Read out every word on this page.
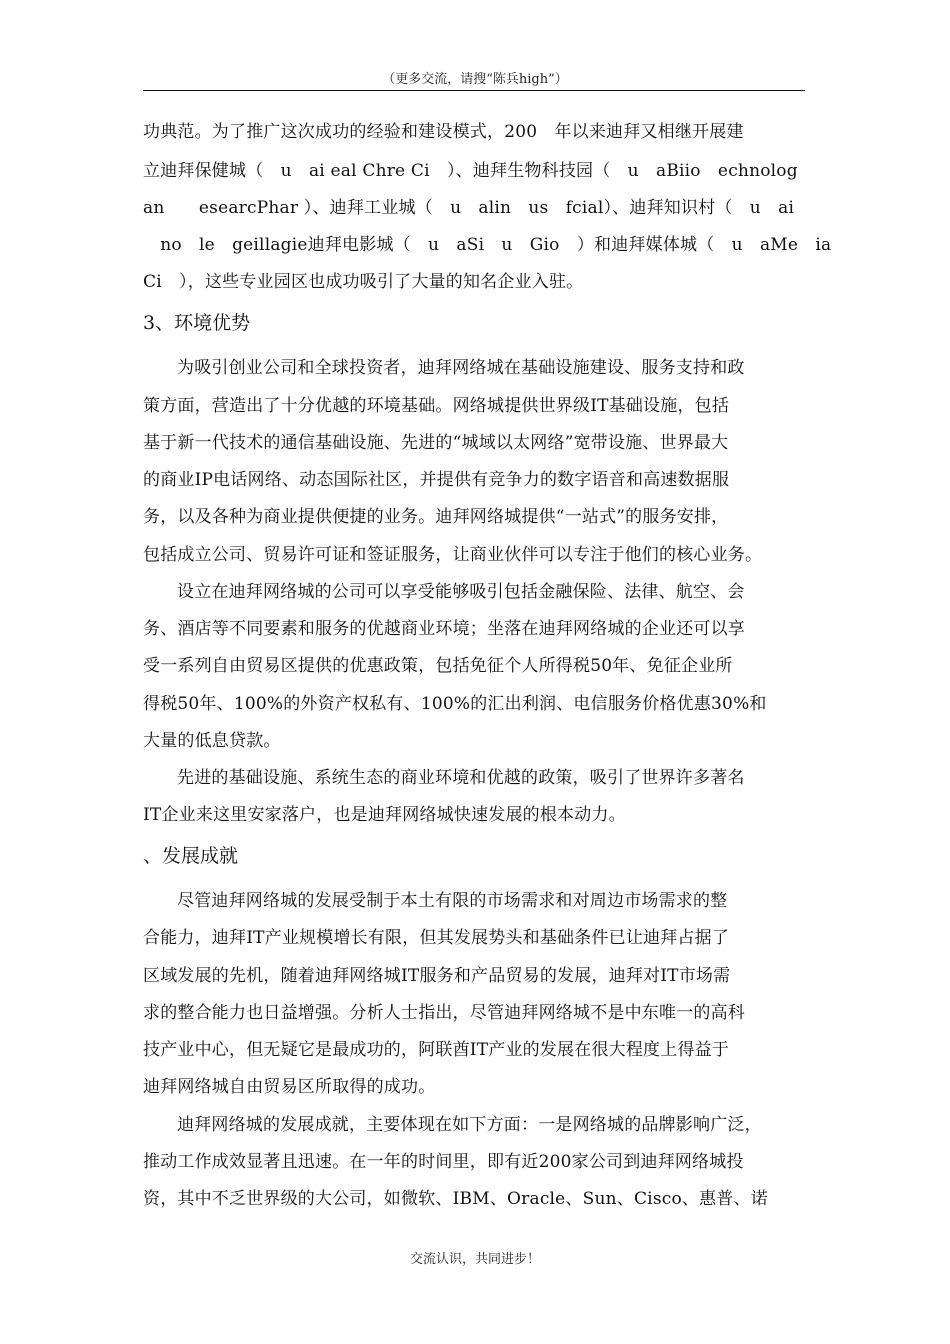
（更多交流，请搜“陈兵high”）
功典范。为了推广这次成功的经验和建设模式，200　年以来迪拜又相继开展建
立迪拜保健城（　u　ai eal Chre Ci　）、迪拜生物科技园（　u　aBiio　echnolog
an　　esearcPhar ）、迪拜工业城（　u　alin　us　fcial）、迪拜知识村（　u　ai
　no　le　geillagie迪拜电影城（　u　aSi　u　Gio　）和迪拜媒体城（　u　aMe　ia
Ci　），这些专业园区也成功吸引了大量的知名企业入驻。
3、环境优势
为吸引创业公司和全球投资者，迪拜网络城在基础设施建设、服务支持和政
策方面，营造出了十分优越的环境基础。网络城提供世界级IT基础设施，包括
基于新一代技术的通信基础设施、先进的“城域以太网络”宽带设施、世界最大
的商业IP电话网络、动态国际社区，并提供有竞争力的数字语音和高速数据服
务，以及各种为商业提供便捷的业务。迪拜网络城提供“一站式”的服务安排，
包括成立公司、贸易许可证和签证服务，让商业伙伴可以专注于他们的核心业务。
设立在迪拜网络城的公司可以享受能够吸引包括金融保险、法律、航空、会
务、酒店等不同要素和服务的优越商业环境；坐落在迪拜网络城的企业还可以享
受一系列自由贸易区提供的优惠政策，包括免征个人所得税50年、免征企业所
得税50年、100%的外资产权私有、100%的汇出利润、电信服务价格优惠30%和
大量的低息贷款。
先进的基础设施、系统生态的商业环境和优越的政策，吸引了世界许多著名
IT企业来这里安家落户，也是迪拜网络城快速发展的根本动力。
、发展成就
尽管迪拜网络城的发展受制于本土有限的市场需求和对周边市场需求的整
合能力，迪拜IT产业规模增长有限，但其发展势头和基础条件已让迪拜占据了
区域发展的先机，随着迪拜网络城IT服务和产品贸易的发展，迪拜对IT市场需
求的整合能力也日益增强。分析人士指出，尽管迪拜网络城不是中东唯一的高科
技产业中心，但无疑它是最成功的，阿联酋IT产业的发展在很大程度上得益于
迪拜网络城自由贸易区所取得的成功。
迪拜网络城的发展成就，主要体现在如下方面：一是网络城的品牌影响广泛，
推动工作成效显著且迅速。在一年的时间里，即有近200家公司到迪拜网络城投
资，其中不乏世界级的大公司，如微软、IBM、Oracle、Sun、Cisco、惠普、诺
交流认识，共同进步！
